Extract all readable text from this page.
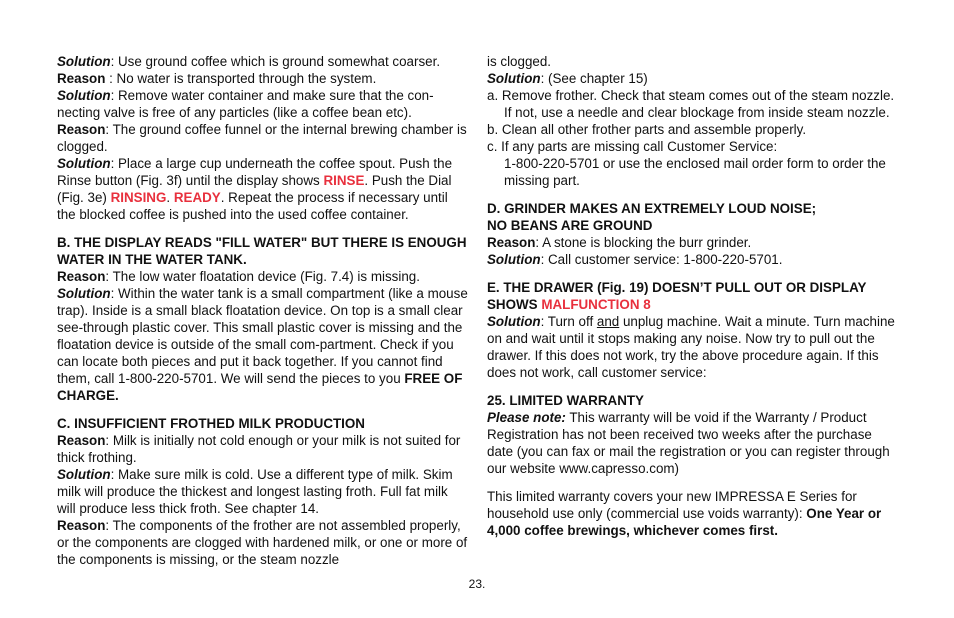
Solution: Use ground coffee which is ground somewhat coarser.

Reason : No water is transported through the system.

Solution: Remove water container and make sure that the con-necting valve is free of any particles (like a coffee bean etc).

Reason: The ground coffee funnel or the internal brewing chamber is clogged.

Solution: Place a large cup underneath the coffee spout. Push the Rinse button (Fig. 3f) until the display shows RINSE. Push the Dial (Fig. 3e) RINSING. READY. Repeat the process if necessary until the blocked coffee is pushed into the used coffee container.

B. THE DISPLAY READS "FILL WATER" BUT THERE IS ENOUGH WATER IN THE WATER TANK.

Reason: The low water floatation device (Fig. 7.4) is missing.

Solution: Within the water tank is a small compartment (like a mouse trap). Inside is a small black floatation device. On top is a small clear see-through plastic cover. This small plastic cover is missing and the floatation device is outside of the small com-partment. Check if you can locate both pieces and put it back together. If you cannot find them, call 1-800-220-5701. We will send the pieces to you FREE OF CHARGE.

C. INSUFFICIENT FROTHED MILK PRODUCTION

Reason: Milk is initially not cold enough or your milk is not suited for thick frothing.

Solution: Make sure milk is cold. Use a different type of milk. Skim milk will produce the thickest and longest lasting froth. Full fat milk will produce less thick froth. See chapter 14.

Reason: The components of the frother are not assembled properly, or the components are clogged with hardened milk, or one or more of the components is missing, or the steam nozzle

is clogged.

Solution: (See chapter 15)

a. Remove frother. Check that steam comes out of the steam nozzle. If not, use a needle and clear blockage from inside steam nozzle.

b. Clean all other frother parts and assemble properly.

c. If any parts are missing call Customer Service:

1-800-220-5701 or use the enclosed mail order form to order the missing part.

D. GRINDER MAKES AN EXTREMELY LOUD NOISE;
NO BEANS ARE GROUND

Reason: A stone is blocking the burr grinder.

Solution: Call customer service: 1-800-220-5701.

E. THE DRAWER (Fig. 19) DOESN’T PULL OUT OR DISPLAY
SHOWS MALFUNCTION 8

Solution: Turn off and unplug machine. Wait a minute. Turn machine on and wait until it stops making any noise. Now try to pull out the drawer. If this does not work, try the above procedure again. If this does not work, call customer service:

25. LIMITED WARRANTY

Please note: This warranty will be void if the Warranty / Product Registration has not been received two weeks after the purchase date (you can fax or mail the registration or you can register through our website www.capresso.com)

This limited warranty covers your new IMPRESSA E Series for household use only (commercial use voids warranty): One Year or 4,000 coffee brewings, whichever comes first.

23.
